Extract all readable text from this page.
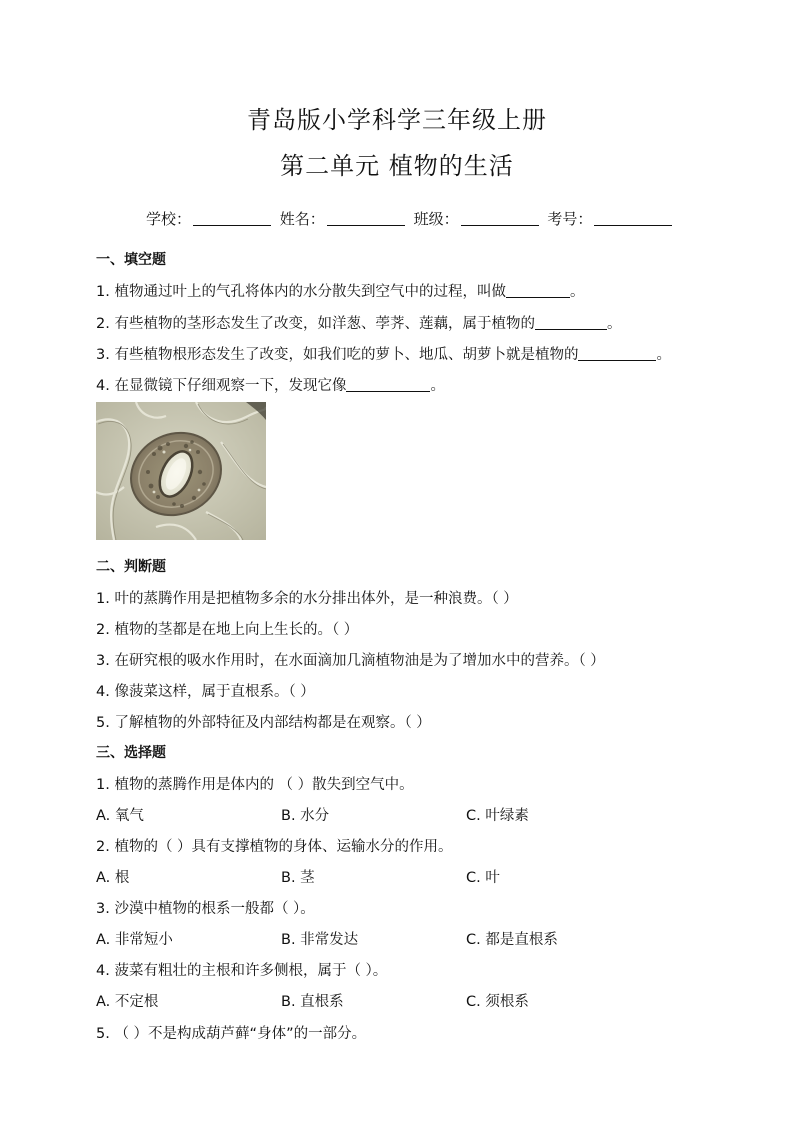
青岛版小学科学三年级上册
第二单元 植物的生活
学校：	姓名：	班级：	考号：
一、填空题
1. 植物通过叶上的气孔将体内的水分散失到空气中的过程，叫做	。
2. 有些植物的茎形态发生了改变，如洋葱、荸荠、莲藕，属于植物的	。
3. 有些植物根形态发生了改变，如我们吃的萝卜、地瓜、胡萝卜就是植物的	。
4. 在显微镜下仔细观察一下，发现它像	。
二、判断题
1. 叶的蒸腾作用是把植物多余的水分排出体外，是一种浪费。（ ）
2. 植物的茎都是在地上向上生长的。（ ）
3. 在研究根的吸水作用时，在水面滴加几滴植物油是为了增加水中的营养。（ ）
4. 像菠菜这样，属于直根系。（ ）
5. 了解植物的外部特征及内部结构都是在观察。（ ）
三、选择题
1. 植物的蒸腾作用是体内的 （ ）散失到空气中。
A. 氧气	B. 水分	C. 叶绿素
2. 植物的（ ）具有支撑植物的身体、运输水分的作用。
A. 根	B. 茎	C. 叶
3. 沙漠中植物的根系一般都（ ）。
A. 非常短小	B. 非常发达	C. 都是直根系
4. 菠菜有粗壮的主根和许多侧根，属于（ ）。
A. 不定根	B. 直根系	C. 须根系
5. （ ）不是构成葫芦藓“身体”的一部分。
